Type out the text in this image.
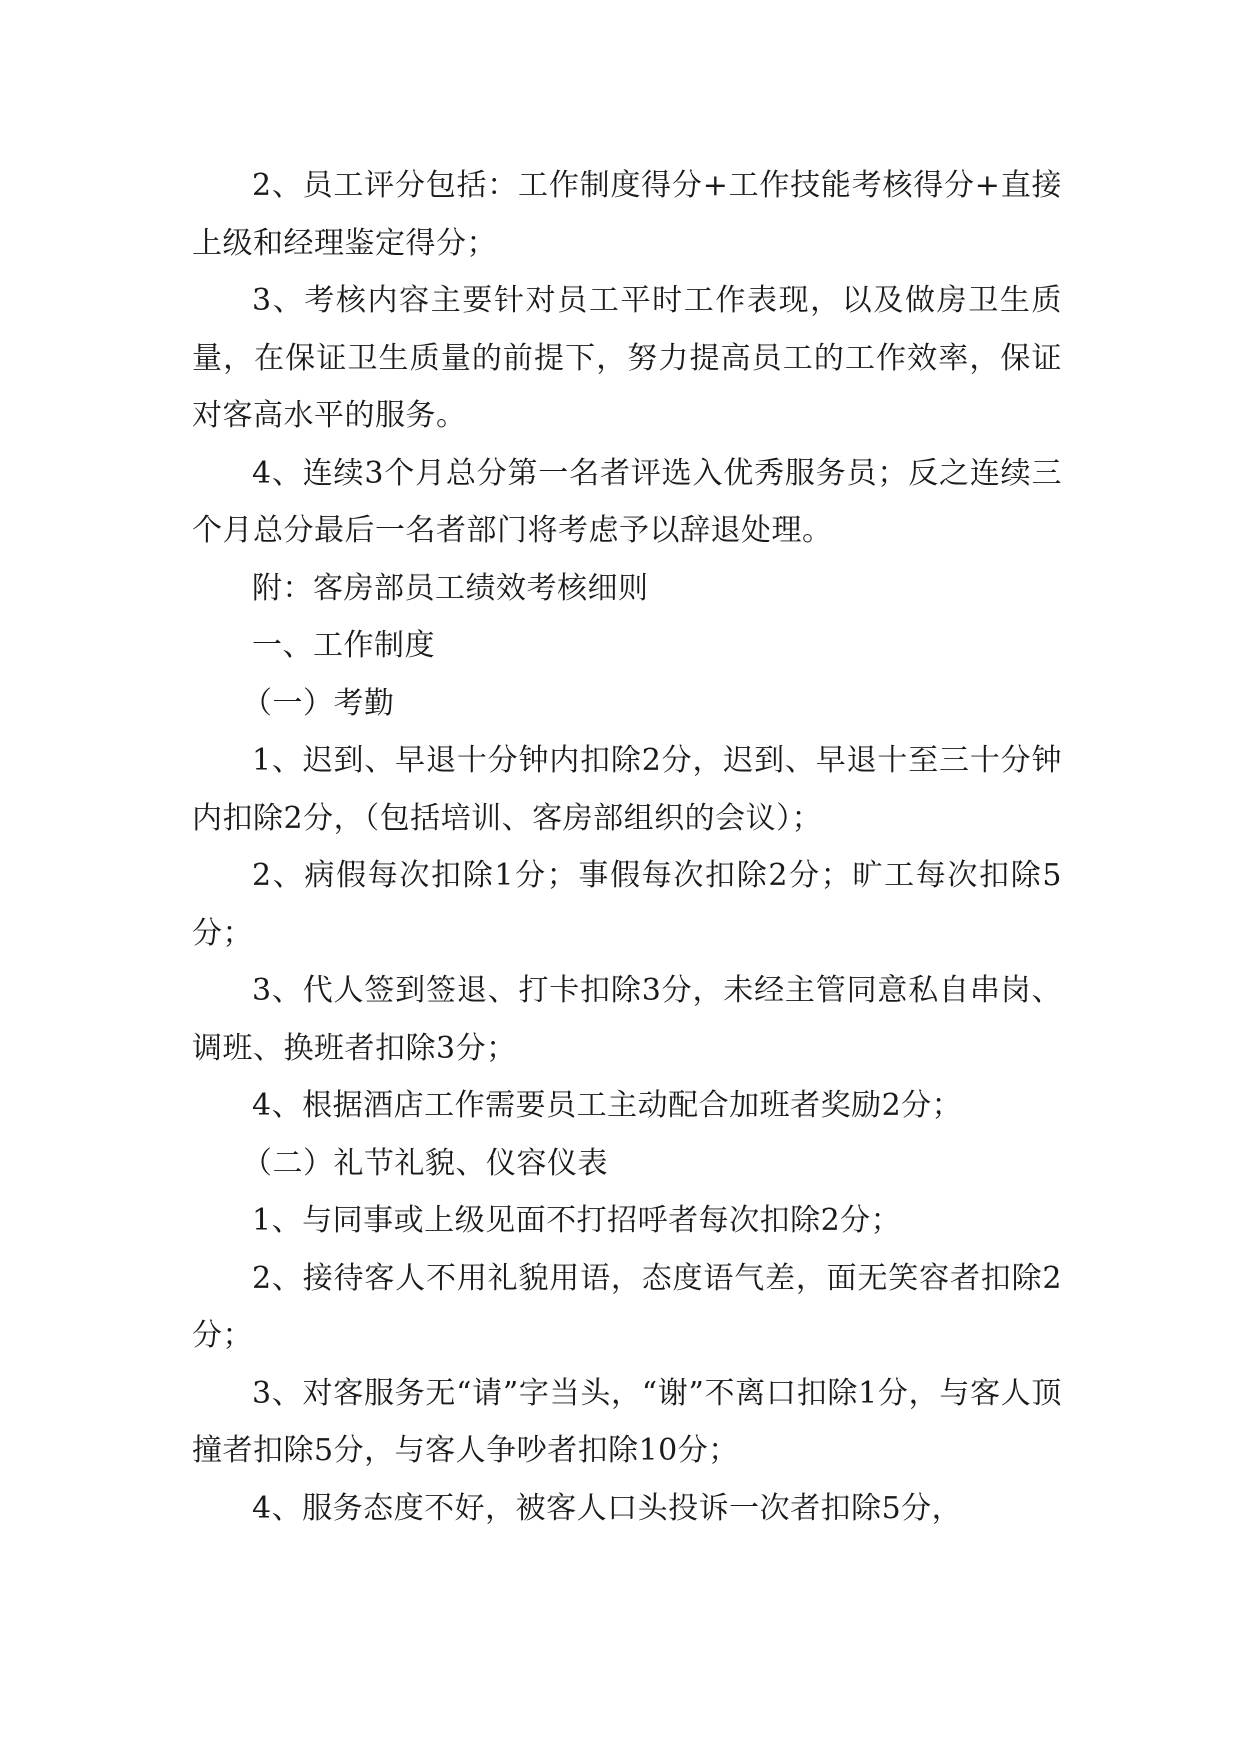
2、员工评分包括：工作制度得分+工作技能考核得分+直接上级和经理鉴定得分；

3、考核内容主要针对员工平时工作表现，以及做房卫生质量，在保证卫生质量的前提下，努力提高员工的工作效率，保证对客高水平的服务。

4、连续3个月总分第一名者评选入优秀服务员；反之连续三个月总分最后一名者部门将考虑予以辞退处理。

附：客房部员工绩效考核细则

一、工作制度

（一）考勤

1、迟到、早退十分钟内扣除2分，迟到、早退十至三十分钟内扣除2分，（包括培训、客房部组织的会议）；

2、病假每次扣除1分；事假每次扣除2分；旷工每次扣除5分；

3、代人签到签退、打卡扣除3分，未经主管同意私自串岗、调班、换班者扣除3分；

4、根据酒店工作需要员工主动配合加班者奖励2分；

（二）礼节礼貌、仪容仪表

1、与同事或上级见面不打招呼者每次扣除2分；

2、接待客人不用礼貌用语，态度语气差，面无笑容者扣除2分；

3、对客服务无“请”字当头，“谢”不离口扣除1分，与客人顶撞者扣除5分，与客人争吵者扣除10分；

4、服务态度不好，被客人口头投诉一次者扣除5分，
